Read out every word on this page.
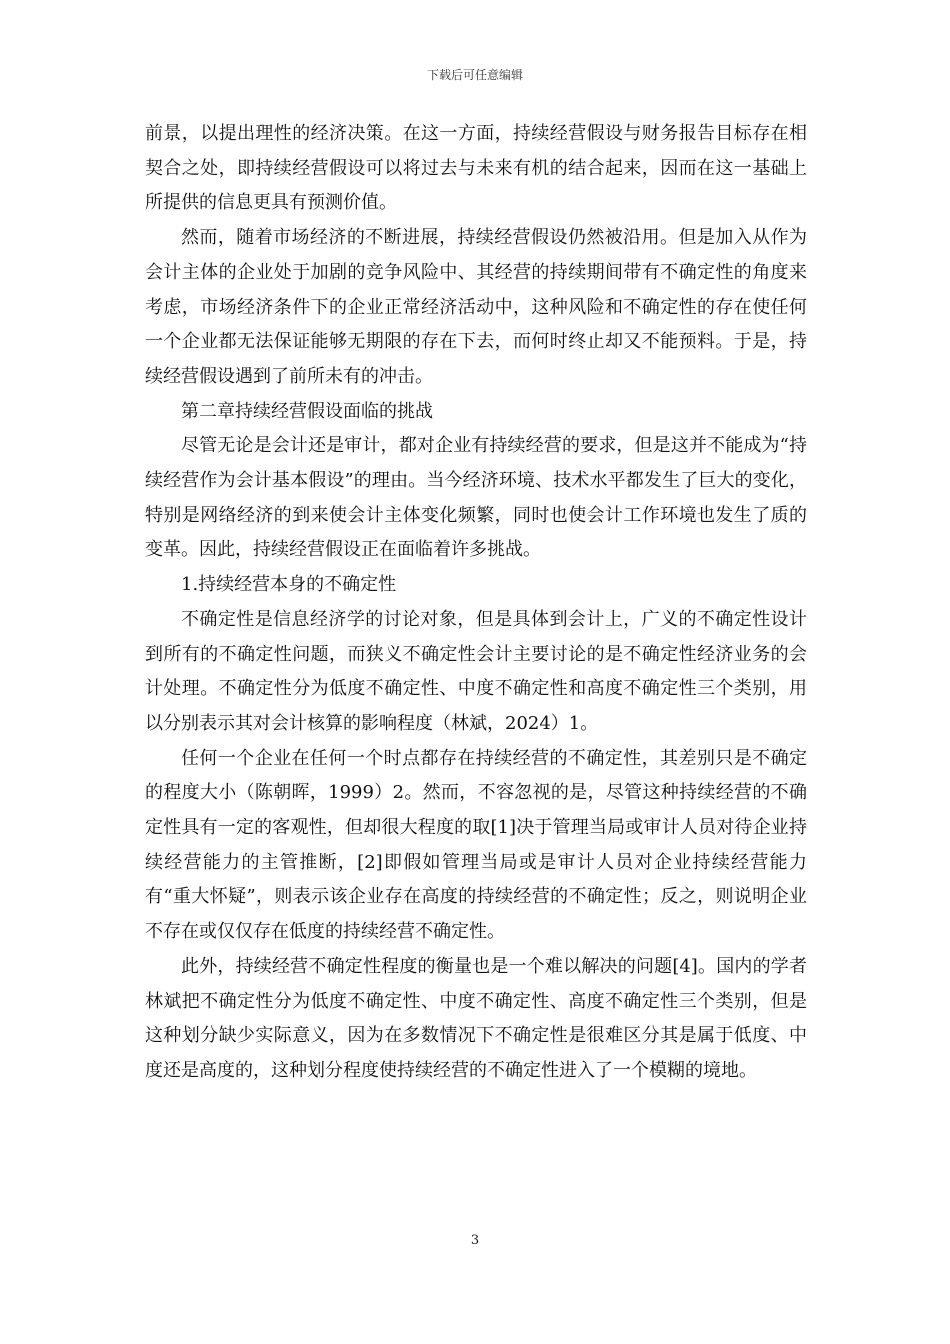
下载后可任意编辑

前景，以提出理性的经济决策。在这一方面，持续经营假设与财务报告目标存在相契合之处，即持续经营假设可以将过去与未来有机的结合起来，因而在这一基础上所提供的信息更具有预测价值。

然而，随着市场经济的不断进展，持续经营假设仍然被沿用。但是加入从作为会计主体的企业处于加剧的竞争风险中、其经营的持续期间带有不确定性的角度来考虑，市场经济条件下的企业正常经济活动中，这种风险和不确定性的存在使任何一个企业都无法保证能够无期限的存在下去，而何时终止却又不能预料。于是，持续经营假设遇到了前所未有的冲击。

第二章持续经营假设面临的挑战

尽管无论是会计还是审计，都对企业有持续经营的要求，但是这并不能成为“持续经营作为会计基本假设”的理由。当今经济环境、技术水平都发生了巨大的变化，特别是网络经济的到来使会计主体变化频繁，同时也使会计工作环境也发生了质的变革。因此，持续经营假设正在面临着许多挑战。

1.持续经营本身的不确定性

不确定性是信息经济学的讨论对象，但是具体到会计上，广义的不确定性设计到所有的不确定性问题，而狭义不确定性会计主要讨论的是不确定性经济业务的会计处理。不确定性分为低度不确定性、中度不确定性和高度不确定性三个类别，用以分别表示其对会计核算的影响程度（林斌，2024）1。

任何一个企业在任何一个时点都存在持续经营的不确定性，其差别只是不确定的程度大小（陈朝晖，1999）2。然而，不容忽视的是，尽管这种持续经营的不确定性具有一定的客观性，但却很大程度的取[1]决于管理当局或审计人员对待企业持续经营能力的主管推断，[2]即假如管理当局或是审计人员对企业持续经营能力有“重大怀疑”，则表示该企业存在高度的持续经营的不确定性；反之，则说明企业不存在或仅仅存在低度的持续经营不确定性。

此外，持续经营不确定性程度的衡量也是一个难以解决的问题[4]。国内的学者林斌把不确定性分为低度不确定性、中度不确定性、高度不确定性三个类别，但是这种划分缺少实际意义，因为在多数情况下不确定性是很难区分其是属于低度、中度还是高度的，这种划分程度使持续经营的不确定性进入了一个模糊的境地。

3
